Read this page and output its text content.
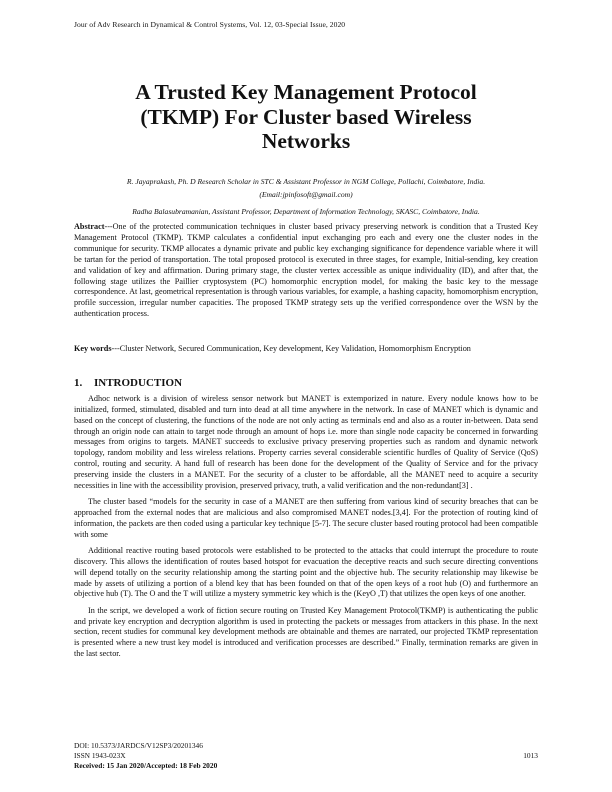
Jour of Adv Research in Dynamical & Control Systems, Vol. 12, 03-Special Issue, 2020
A Trusted Key Management Protocol
(TKMP) For Cluster based Wireless
Networks
R. Jayaprakash, Ph. D Research Scholar in STC & Assistant Professor in NGM College, Pollachi, Coimbatore, India.
(Email:jpinfosoft@gmail.com)
Radha Balasubramanian, Assistant Professor, Department of Information Technology, SKASC, Coimbatore, India.
Abstract---One of the protected communication techniques in cluster based privacy preserving network is condition that a Trusted Key Management Protocol (TKMP). TKMP calculates a confidential input exchanging pro each and every one the cluster nodes in the communique for security. TKMP allocates a dynamic private and public key exchanging significance for dependence variable where it will be tartan for the period of transportation. The total proposed protocol is executed in three stages, for example, Initial-sending, key creation and validation of key and affirmation. During primary stage, the cluster vertex accessible as unique individuality (ID), and after that, the following stage utilizes the Paillier cryptosystem (PC) homomorphic encryption model, for making the basic key to the message correspondence. At last, geometrical representation is through various variables, for example, a hashing capacity, homomorphism encryption, profile succession, irregular number capacities. The proposed TKMP strategy sets up the verified correspondence over the WSN by the authentication process.
Key words---Cluster Network, Secured Communication, Key development, Key Validation, Homomorphism Encryption
1. INTRODUCTION

Adhoc network is a division of wireless sensor network but MANET is extemporized in nature. Every nodule knows how to be initialized, formed, stimulated, disabled and turn into dead at all time anywhere in the network. In case of MANET which is dynamic and based on the concept of clustering, the functions of the node are not only acting as terminals end and also as a router in-between. Data send through an origin node can attain to target node through an amount of hops i.e. more than single node capacity be concerned in forwarding messages from origins to targets. MANET succeeds to exclusive privacy preserving properties such as random and dynamic network topology, random mobility and less wireless relations. Property carries several considerable scientific hurdles of Quality of Service (QoS) control, routing and security. A hand full of research has been done for the development of the Quality of Service and for the privacy preserving inside the clusters in a MANET. For the security of a cluster to be affordable, all the MANET need to acquire a security necessities in line with the accessibility provision, preserved privacy, truth, a valid verification and the non-redundant[3] .

The cluster based “models for the security in case of a MANET are then suffering from various kind of security breaches that can be approached from the external nodes that are malicious and also compromised MANET nodes.[3,4]. For the protection of routing kind of information, the packets are then coded using a particular key technique [5-7]. The secure cluster based routing protocol had been compatible with some

Additional reactive routing based protocols were established to be protected to the attacks that could interrupt the procedure to route discovery. This allows the identification of routes based hotspot for evacuation the deceptive reacts and such secure directing conventions will depend totally on the security relationship among the starting point and the objective hub. The security relationship may likewise be made by assets of utilizing a portion of a blend key that has been founded on that of the open keys of a root hub (O) and furthermore an objective hub (T). The O and the T will utilize a mystery symmetric key which is the (KeyO ,T) that utilizes the open keys of one another.

In the script, we developed a work of fiction secure routing on Trusted Key Management Protocol(TKMP) is authenticating the public and private key encryption and decryption algorithm is used in protecting the packets or messages from attackers in this phase. In the next section, recent studies for communal key development methods are obtainable and themes are narrated, our projected TKMP representation is presented where a new trust key model is introduced and verification processes are described.” Finally, termination remarks are given in the last sector.

DOI: 10.5373/JARDCS/V12SP3/20201346
ISSN 1943-023X
Received: 15 Jan 2020/Accepted: 18 Feb 2020
1013
